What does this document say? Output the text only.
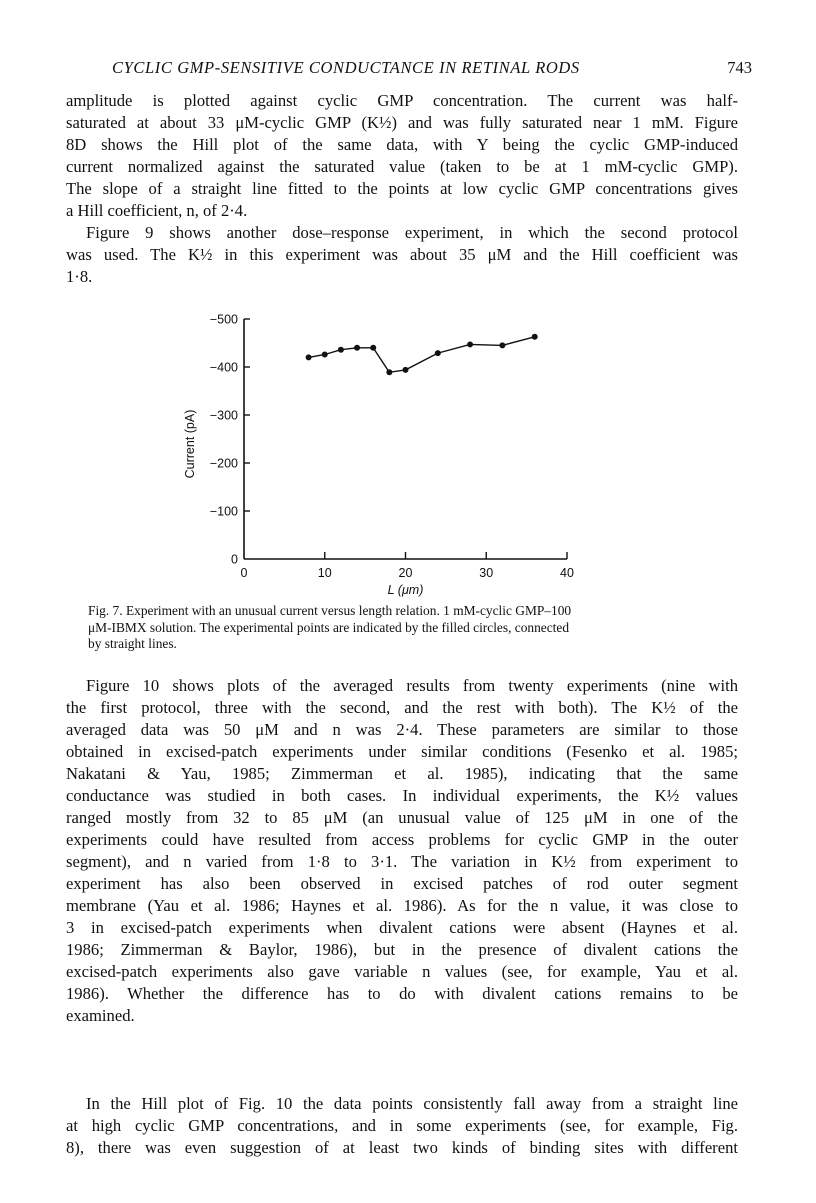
CYCLIC GMP-SENSITIVE CONDUCTANCE IN RETINAL RODS	743
amplitude is plotted against cyclic GMP concentration. The current was half-
saturated at about 33 μM-cyclic GMP (K½) and was fully saturated near 1 mM. Figure
8D shows the Hill plot of the same data, with Y being the cyclic GMP-induced
current normalized against the saturated value (taken to be at 1 mM-cyclic GMP).
The slope of a straight line fitted to the points at low cyclic GMP concentrations gives
a Hill coefficient, n, of 2·4.
Figure 9 shows another dose–response experiment, in which the second protocol
was used. The K½ in this experiment was about 35 μM and the Hill coefficient was
1·8.
0
−100
−200
−300
−400
−500
0	10	20	30	40
L (μm)
Current (pA)
Fig. 7. Experiment with an unusual current versus length relation. 1 mM-cyclic GMP–100
μM-IBMX solution. The experimental points are indicated by the filled circles, connected
by straight lines.
Figure 10 shows plots of the averaged results from twenty experiments (nine with
the first protocol, three with the second, and the rest with both). The K½ of the
averaged data was 50 μM and n was 2·4. These parameters are similar to those
obtained in excised-patch experiments under similar conditions (Fesenko et al. 1985;
Nakatani & Yau, 1985; Zimmerman et al. 1985), indicating that the same
conductance was studied in both cases. In individual experiments, the K½ values
ranged mostly from 32 to 85 μM (an unusual value of 125 μM in one of the
experiments could have resulted from access problems for cyclic GMP in the outer
segment), and n varied from 1·8 to 3·1. The variation in K½ from experiment to
experiment has also been observed in excised patches of rod outer segment
membrane (Yau et al. 1986; Haynes et al. 1986). As for the n value, it was close to
3 in excised-patch experiments when divalent cations were absent (Haynes et al.
1986; Zimmerman & Baylor, 1986), but in the presence of divalent cations the
excised-patch experiments also gave variable n values (see, for example, Yau et al.
1986). Whether the difference has to do with divalent cations remains to be
examined.
In the Hill plot of Fig. 10 the data points consistently fall away from a straight line
at high cyclic GMP concentrations, and in some experiments (see, for example, Fig.
8), there was even suggestion of at least two kinds of binding sites with different
